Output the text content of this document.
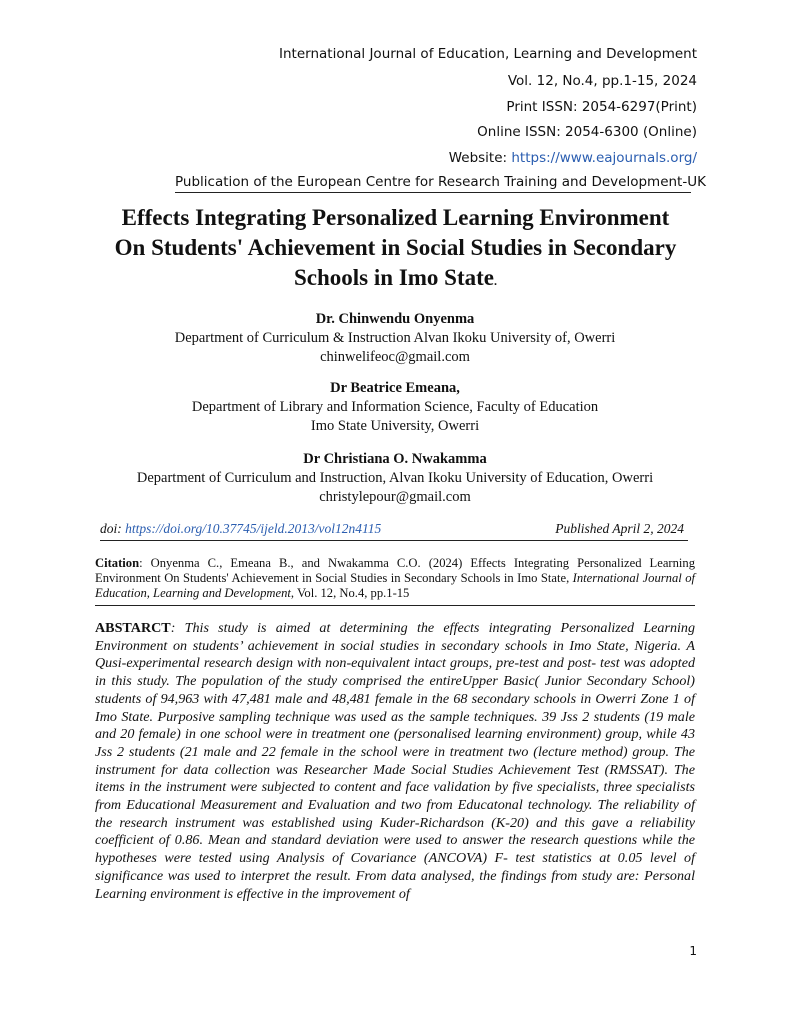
International Journal of Education, Learning and Development
Vol. 12, No.4, pp.1-15, 2024
Print ISSN: 2054-6297(Print)
Online ISSN: 2054-6300 (Online)
Website: https://www.eajournals.org/
Publication of the European Centre for Research Training and Development-UK
Effects Integrating Personalized Learning Environment On Students' Achievement in Social Studies in Secondary Schools in Imo State.
Dr. Chinwendu Onyenma
Department of Curriculum & Instruction Alvan Ikoku University of, Owerri
chinwelifeoc@gmail.com
Dr Beatrice Emeana,
Department of Library and Information Science, Faculty of Education
Imo State University, Owerri
Dr Christiana O. Nwakamma
Department of Curriculum and Instruction, Alvan Ikoku University of Education, Owerri
christylepour@gmail.com
doi: https://doi.org/10.37745/ijeld.2013/vol12n4115	Published April 2, 2024
Citation: Onyenma C., Emeana B., and Nwakamma C.O. (2024) Effects Integrating Personalized Learning Environment On Students' Achievement in Social Studies in Secondary Schools in Imo State, International Journal of Education, Learning and Development, Vol. 12, No.4, pp.1-15
ABSTARCT: This study is aimed at determining the effects integrating Personalized Learning Environment on students’ achievement in social studies in secondary schools in Imo State, Nigeria. A Qusi-experimental research design with non-equivalent intact groups, pre-test and post- test was adopted in this study. The population of the study comprised the entireUpper Basic( Junior Secondary School) students of 94,963 with 47,481 male and 48,481 female in the 68 secondary schools in Owerri Zone 1 of Imo State. Purposive sampling technique was used as the sample techniques. 39 Jss 2 students (19 male and 20 female) in one school were in treatment one (personalised learning environment) group, while 43 Jss 2 students (21 male and 22 female in the school were in treatment two (lecture method) group. The instrument for data collection was Researcher Made Social Studies Achievement Test (RMSSAT). The items in the instrument were subjected to content and face validation by five specialists, three specialists from Educational Measurement and Evaluation and two from Educatonal technology. The reliability of the research instrument was established using Kuder-Richardson (K-20) and this gave a reliability coefficient of 0.86. Mean and standard deviation were used to answer the research questions while the hypotheses were tested using Analysis of Covariance (ANCOVA) F- test statistics at 0.05 level of significance was used to interpret the result. From data analysed, the findings from study are: Personal Learning environment is effective in the improvement of
1
